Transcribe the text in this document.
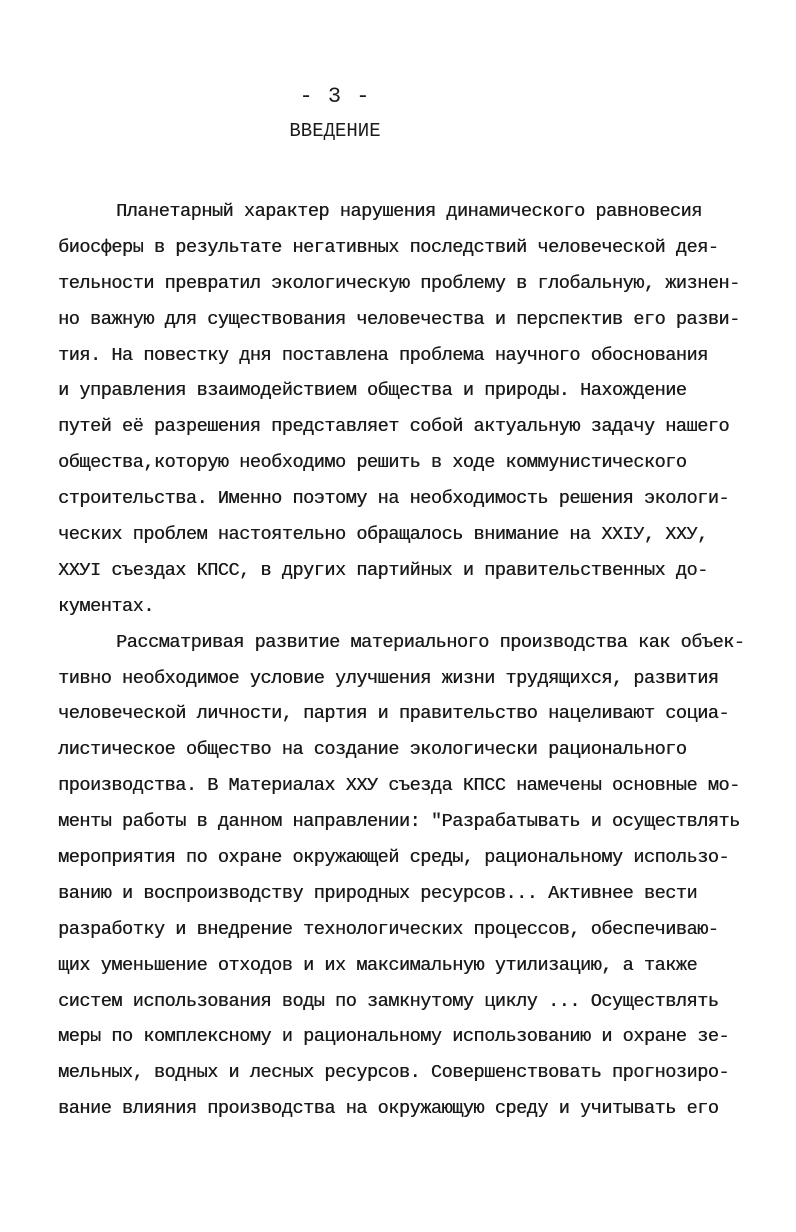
- 3 -
ВВЕДЕНИЕ
Планетарный характер нарушения динамического равновесия
биосферы в результате негативных последствий человеческой дея-
тельности превратил экологическую проблему в глобальную, жизнен-
но важную для существования человечества и перспектив его разви-
тия. На повестку дня поставлена проблема научного обоснования
и управления взаимодействием общества и природы. Нахождение
путей её разрешения представляет собой актуальную задачу нашего
общества,которую необходимо решить в ходе коммунистического
строительства. Именно поэтому на необходимость решения экологи-
ческих проблем настоятельно обращалось внимание на XXIУ, XXУ,
XXУI съездах КПСС, в других партийных и правительственных до-
кументах.
Рассматривая развитие материального производства как объек-
тивно необходимое условие улучшения жизни трудящихся, развития
человеческой личности, партия и правительство нацеливают социа-
листическое общество на создание экологически рационального
производства. В Материалах XXУ съезда КПСС намечены основные мо-
менты работы в данном направлении: "Разрабатывать и осуществлять
мероприятия по охране окружающей среды, рациональному использо-
ванию и воспроизводству природных ресурсов... Активнее вести
разработку и внедрение технологических процессов, обеспечиваю-
щих уменьшение отходов и их максимальную утилизацию, а также
систем использования воды по замкнутому циклу ... Осуществлять
меры по комплексному и рациональному использованию и охране зе-
мельных, водных и лесных ресурсов. Совершенствовать прогнозиро-
вание влияния производства на окружающую среду и учитывать его
